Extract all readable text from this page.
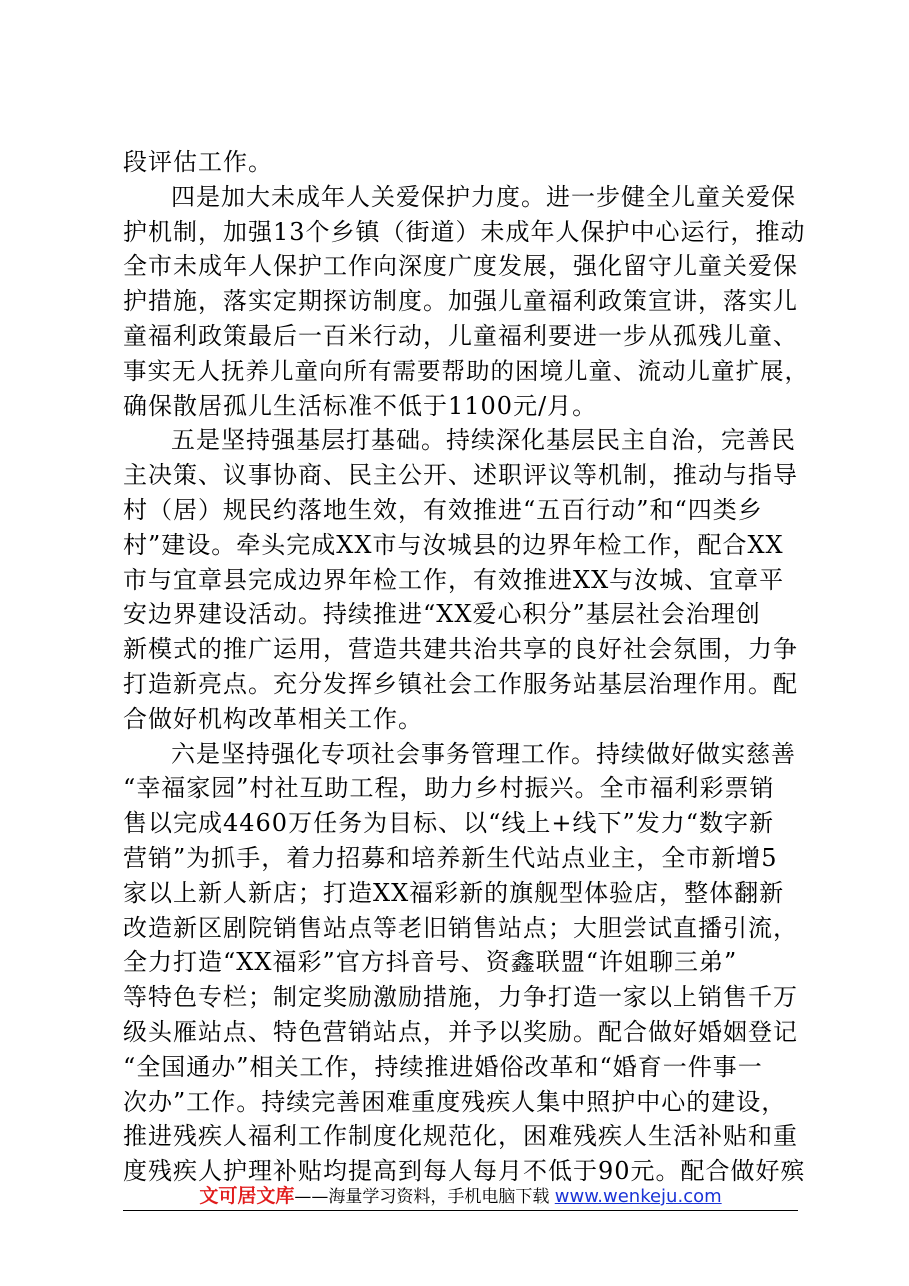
段评估工作。
四是加大未成年人关爱保护力度。进一步健全儿童关爱保
护机制，加强13个乡镇（街道）未成年人保护中心运行，推动
全市未成年人保护工作向深度广度发展，强化留守儿童关爱保
护措施，落实定期探访制度。加强儿童福利政策宣讲，落实儿
童福利政策最后一百米行动，儿童福利要进一步从孤残儿童、
事实无人抚养儿童向所有需要帮助的困境儿童、流动儿童扩展，
确保散居孤儿生活标准不低于1100元/月。
五是坚持强基层打基础。持续深化基层民主自治，完善民
主决策、议事协商、民主公开、述职评议等机制，推动与指导
村（居）规民约落地生效，有效推进“五百行动”和“四类乡
村”建设。牵头完成XX市与汝城县的边界年检工作，配合XX
市与宜章县完成边界年检工作，有效推进XX与汝城、宜章平
安边界建设活动。持续推进“XX爱心积分”基层社会治理创
新模式的推广运用，营造共建共治共享的良好社会氛围，力争
打造新亮点。充分发挥乡镇社会工作服务站基层治理作用。配
合做好机构改革相关工作。
六是坚持强化专项社会事务管理工作。持续做好做实慈善
“幸福家园”村社互助工程，助力乡村振兴。全市福利彩票销
售以完成4460万任务为目标、以“线上+线下”发力“数字新
营销”为抓手，着力招募和培养新生代站点业主，全市新增5
家以上新人新店；打造XX福彩新的旗舰型体验店，整体翻新
改造新区剧院销售站点等老旧销售站点；大胆尝试直播引流，
全力打造“XX福彩”官方抖音号、资鑫联盟“许姐聊三弟”
等特色专栏；制定奖励激励措施，力争打造一家以上销售千万
级头雁站点、特色营销站点，并予以奖励。配合做好婚姻登记
“全国通办”相关工作，持续推进婚俗改革和“婚育一件事一
次办”工作。持续完善困难重度残疾人集中照护中心的建设，
推进残疾人福利工作制度化规范化，困难残疾人生活补贴和重
度残疾人护理补贴均提高到每人每月不低于90元。配合做好殡
文可居文库——海量学习资料，手机电脑下载 www.wenkeju.com
